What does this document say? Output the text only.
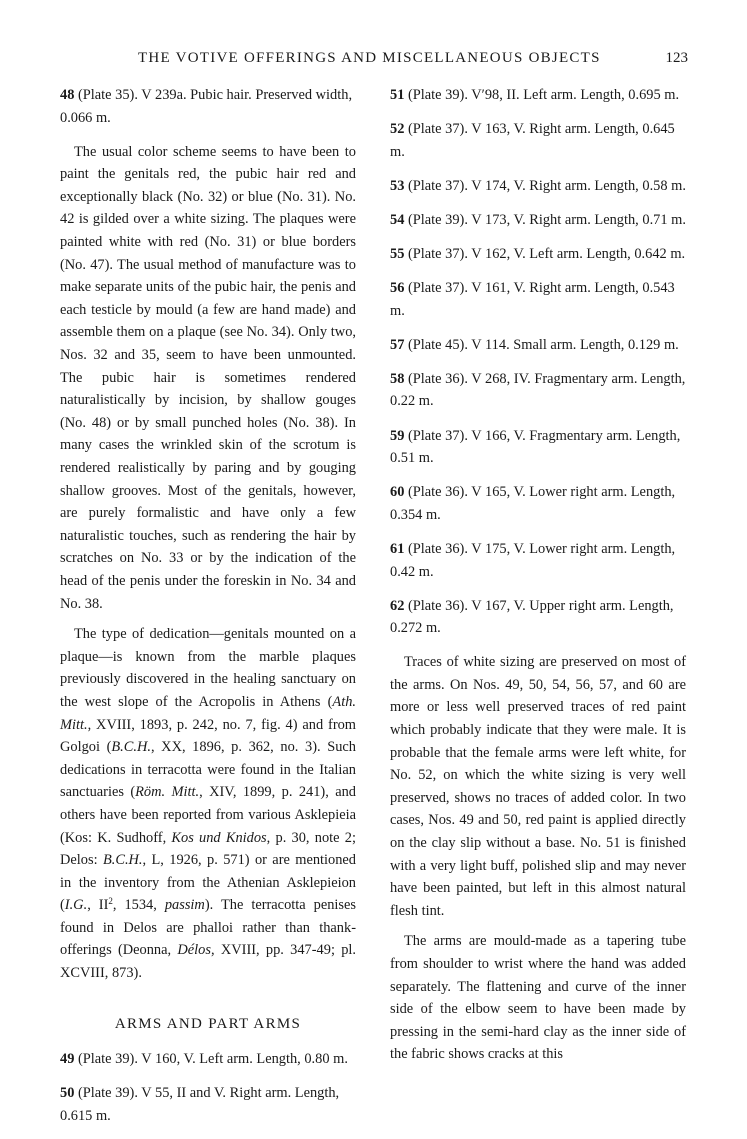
THE VOTIVE OFFERINGS AND MISCELLANEOUS OBJECTS	123

48 (Plate 35). V 239a. Pubic hair. Preserved width, 0.066 m.

The usual color scheme seems to have been to paint the genitals red, the pubic hair red and exceptionally black (No. 32) or blue (No. 31). No. 42 is gilded over a white sizing. The plaques were painted white with red (No. 31) or blue borders (No. 47). The usual method of manufacture was to make separate units of the pubic hair, the penis and each testicle by mould (a few are hand made) and assemble them on a plaque (see No. 34). Only two, Nos. 32 and 35, seem to have been unmounted. The pubic hair is sometimes rendered naturalistically by incision, by shallow gouges (No. 48) or by small punched holes (No. 38). In many cases the wrinkled skin of the scrotum is rendered realistically by paring and by gouging shallow grooves. Most of the genitals, however, are purely formalistic and have only a few naturalistic touches, such as rendering the hair by scratches on No. 33 or by the indication of the head of the penis under the foreskin in No. 34 and No. 38.

The type of dedication—genitals mounted on a plaque—is known from the marble plaques previously discovered in the healing sanctuary on the west slope of the Acropolis in Athens (Ath. Mitt., XVIII, 1893, p. 242, no. 7, fig. 4) and from Golgoi (B.C.H., XX, 1896, p. 362, no. 3). Such dedications in terracotta were found in the Italian sanctuaries (Röm. Mitt., XIV, 1899, p. 241), and others have been reported from various Asklepieia (Kos: K. Sudhoff, Kos und Knidos, p. 30, note 2; Delos: B.C.H., L, 1926, p. 571) or are mentioned in the inventory from the Athenian Asklepieion (I.G., $II^2$, 1534, passim). The terracotta penises found in Delos are phalloi rather than thank-offerings (Deonna, Délos, XVIII, pp. 347-49; pl. XCVIII, 873).

ARMS AND PART ARMS

49 (Plate 39). V 160, V. Left arm. Length, 0.80 m.

50 (Plate 39). V 55, II and V. Right arm. Length, 0.615 m.

51 (Plate 39). V′98, II. Left arm. Length, 0.695 m.

52 (Plate 37). V 163, V. Right arm. Length, 0.645 m.

53 (Plate 37). V 174, V. Right arm. Length, 0.58 m.

54 (Plate 39). V 173, V. Right arm. Length, 0.71 m.

55 (Plate 37). V 162, V. Left arm. Length, 0.642 m.

56 (Plate 37). V 161, V. Right arm. Length, 0.543 m.

57 (Plate 45). V 114. Small arm. Length, 0.129 m.

58 (Plate 36). V 268, IV. Fragmentary arm. Length, 0.22 m.

59 (Plate 37). V 166, V. Fragmentary arm. Length, 0.51 m.

60 (Plate 36). V 165, V. Lower right arm. Length, 0.354 m.

61 (Plate 36). V 175, V. Lower right arm. Length, 0.42 m.

62 (Plate 36). V 167, V. Upper right arm. Length, 0.272 m.

Traces of white sizing are preserved on most of the arms. On Nos. 49, 50, 54, 56, 57, and 60 are more or less well preserved traces of red paint which probably indicate that they were male. It is probable that the female arms were left white, for No. 52, on which the white sizing is very well preserved, shows no traces of added color. In two cases, Nos. 49 and 50, red paint is applied directly on the clay slip without a base. No. 51 is finished with a very light buff, polished slip and may never have been painted, but left in this almost natural flesh tint.

The arms are mould-made as a tapering tube from shoulder to wrist where the hand was added separately. The flattening and curve of the inner side of the elbow seem to have been made by pressing in the semi-hard clay as the inner side of the fabric shows cracks at this
